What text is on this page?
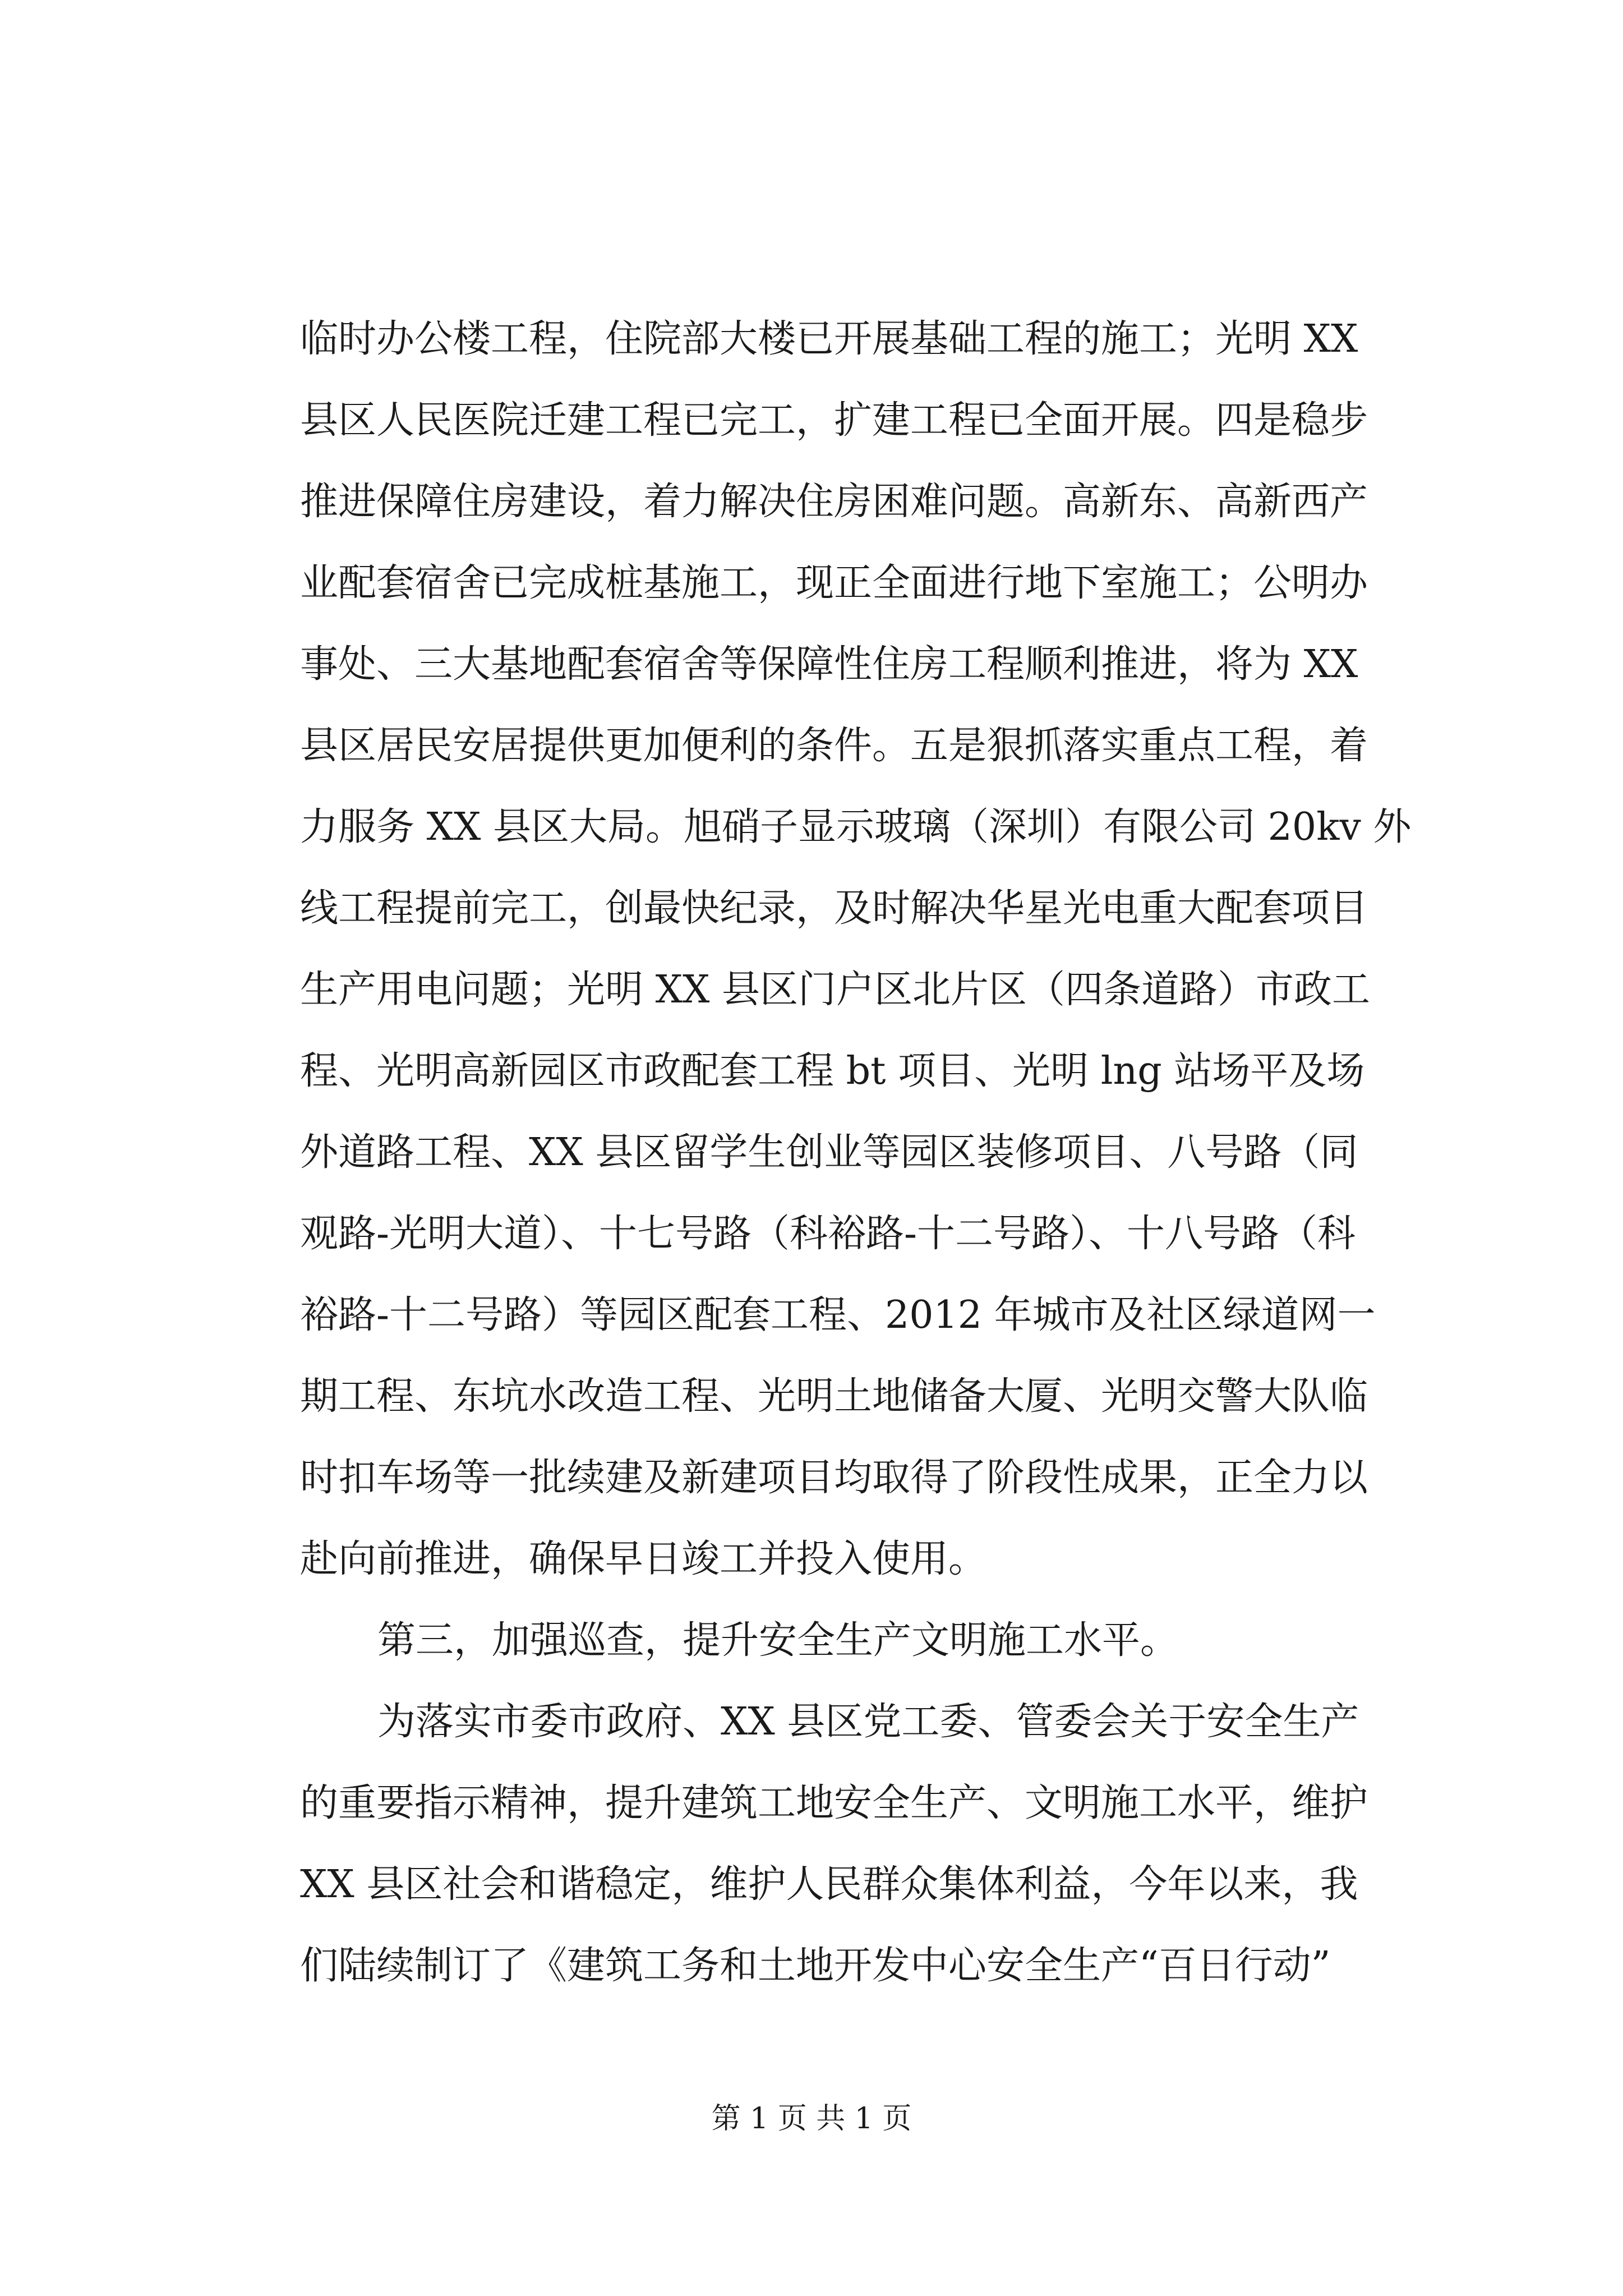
临时办公楼工程，住院部大楼已开展基础工程的施工；光明 XX
县区人民医院迁建工程已完工，扩建工程已全面开展。四是稳步
推进保障住房建设，着力解决住房困难问题。高新东、高新西产
业配套宿舍已完成桩基施工，现正全面进行地下室施工；公明办
事处、三大基地配套宿舍等保障性住房工程顺利推进，将为 XX
县区居民安居提供更加便利的条件。五是狠抓落实重点工程，着
力服务 XX 县区大局。旭硝子显示玻璃（深圳）有限公司 20kv 外
线工程提前完工，创最快纪录，及时解决华星光电重大配套项目
生产用电问题；光明 XX 县区门户区北片区（四条道路）市政工
程、光明高新园区市政配套工程 bt 项目、光明 lng 站场平及场
外道路工程、XX 县区留学生创业等园区装修项目、八号路（同
观路-光明大道）、十七号路（科裕路-十二号路）、十八号路（科
裕路-十二号路）等园区配套工程、2012 年城市及社区绿道网一
期工程、东坑水改造工程、光明土地储备大厦、光明交警大队临
时扣车场等一批续建及新建项目均取得了阶段性成果，正全力以
赴向前推进，确保早日竣工并投入使用。
第三，加强巡查，提升安全生产文明施工水平。
为落实市委市政府、XX 县区党工委、管委会关于安全生产
的重要指示精神，提升建筑工地安全生产、文明施工水平，维护
XX 县区社会和谐稳定，维护人民群众集体利益，今年以来，我
们陆续制订了《建筑工务和土地开发中心安全生产“百日行动”
第 1 页 共 1 页
